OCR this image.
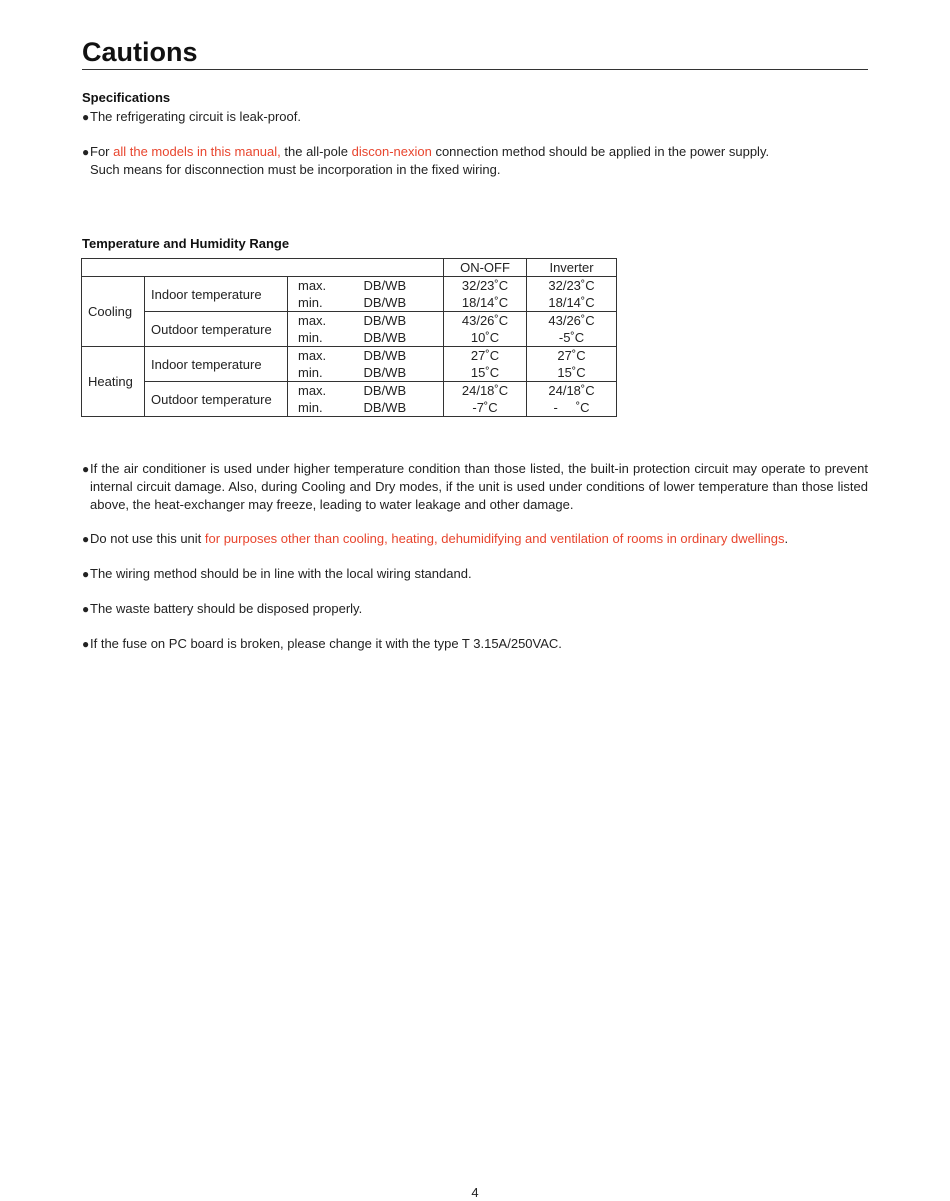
Cautions
Specifications
● The refrigerating circuit is leak-proof.
● For all the models in this manual, the all-pole discon-nexion connection method should be applied in the power supply.
Such means for disconnection must be incorporation in the fixed wiring.
Temperature and Humidity Range
				ON-OFF	Inverter
Cooling	Indoor temperature	max.	DB/WB	32/23˚C	32/23˚C
		min.	DB/WB	18/14˚C	18/14˚C
	Outdoor temperature	max.	DB/WB	43/26˚C	43/26˚C
		min.	DB/WB	10˚C	-5˚C
Heating	Indoor temperature	max.	DB/WB	27˚C	27˚C
		min.	DB/WB	15˚C	15˚C
	Outdoor temperature	max.	DB/WB	24/18˚C	24/18˚C
		min.	DB/WB	-7˚C	-     ˚C
● If the air conditioner is used under higher temperature condition than those listed, the built-in protection circuit may operate to prevent internal circuit damage. Also, during Cooling and Dry modes, if the unit is used under conditions of lower temperature than those listed above, the heat-exchanger may freeze, leading to water leakage and other damage.
● Do not use this unit for purposes other than cooling, heating, dehumidifying and ventilation of rooms in ordinary dwellings.
● The wiring method should be in line with the local wiring standand.
● The waste battery should be disposed properly.
● If the fuse on PC board is broken, please change it with the type T 3.15A/250VAC.
4
